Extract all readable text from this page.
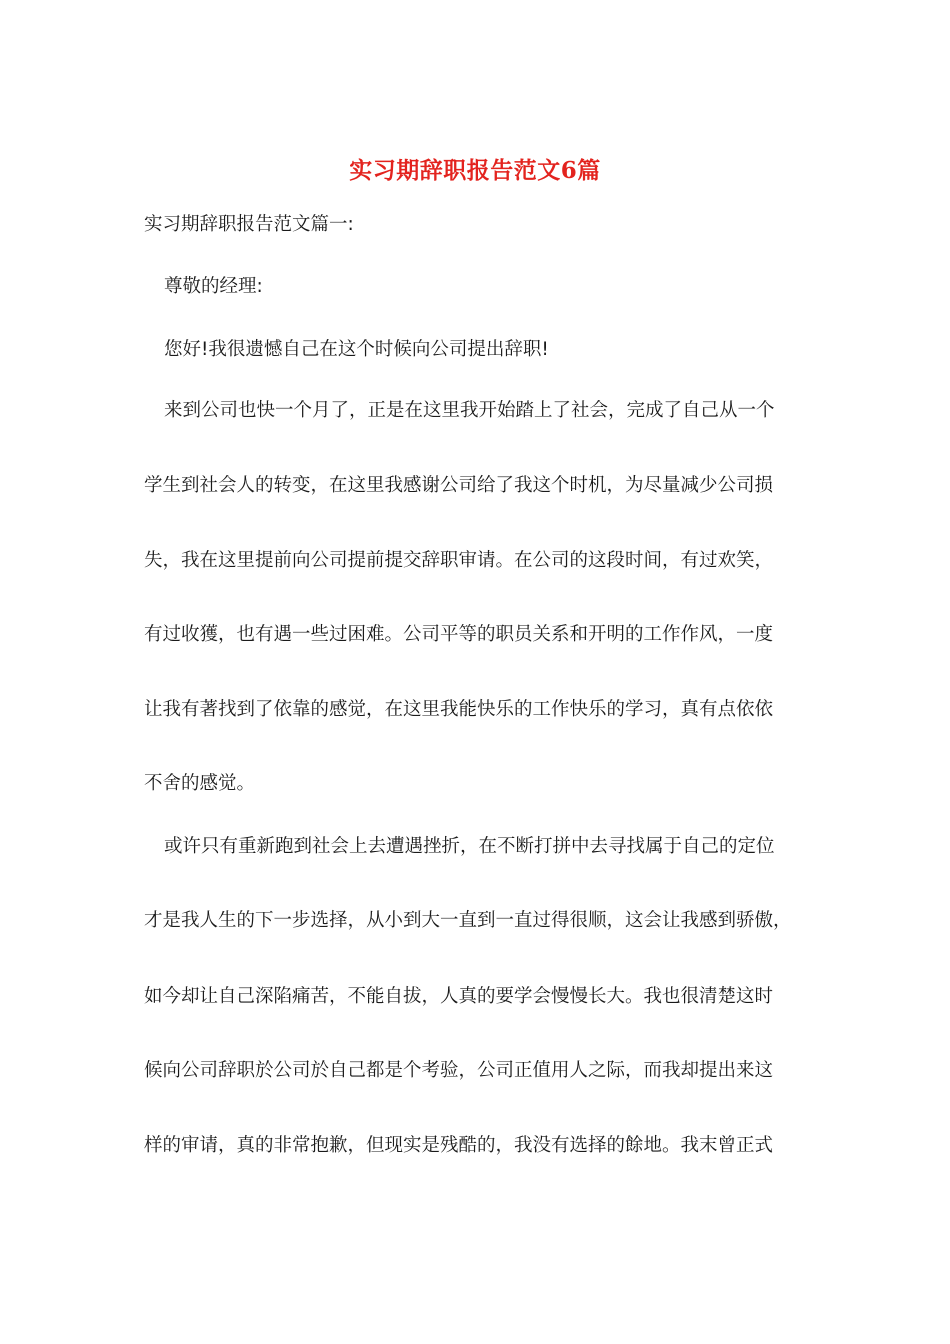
实习期辞职报告范文6篇
实习期辞职报告范文篇一:
尊敬的经理:
您好!我很遗憾自己在这个时候向公司提出辞职!
来到公司也快一个月了，正是在这里我开始踏上了社会，完成了自己从一个
学生到社会人的转变，在这里我感谢公司给了我这个时机，为尽量减少公司损
失，我在这里提前向公司提前提交辞职审请。在公司的这段时间，有过欢笑，
有过收獲，也有遇一些过困难。公司平等的职员关系和开明的工作作风，一度
让我有著找到了依靠的感觉，在这里我能快乐的工作快乐的学习，真有点依依
不舍的感觉。
或许只有重新跑到社会上去遭遇挫折，在不断打拼中去寻找属于自己的定位
才是我人生的下一步选择，从小到大一直到一直过得很顺，这会让我感到骄傲，
如今却让自己深陷痛苦，不能自拔，人真的要学会慢慢长大。我也很清楚这时
候向公司辞职於公司於自己都是个考验，公司正值用人之际，而我却提出来这
样的审请，真的非常抱歉，但现实是残酷的，我没有选择的餘地。我末曾正式
